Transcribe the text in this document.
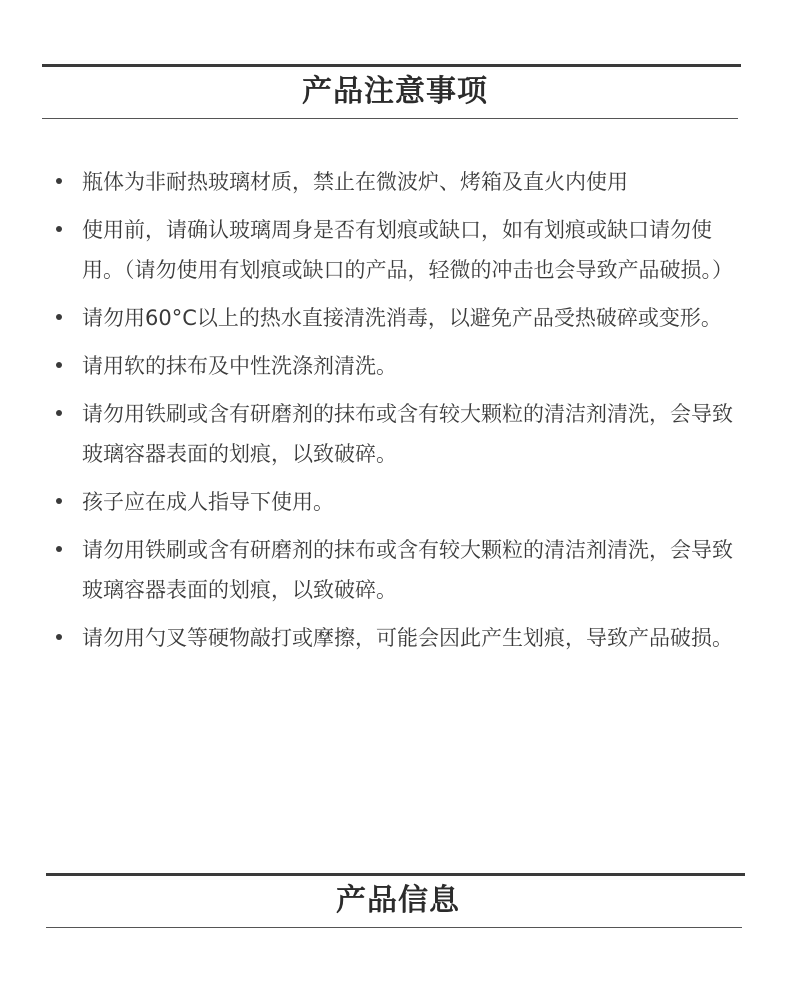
产品注意事项
瓶体为非耐热玻璃材质，禁止在微波炉、烤箱及直火内使用
使用前，请确认玻璃周身是否有划痕或缺口，如有划痕或缺口请勿使用。（请勿使用有划痕或缺口的产品，轻微的冲击也会导致产品破损。）
请勿用60°C以上的热水直接清洗消毒，以避免产品受热破碎或变形。
请用软的抹布及中性洗涤剂清洗。
请勿用铁刷或含有研磨剂的抹布或含有较大颗粒的清洁剂清洗，会导致玻璃容器表面的划痕，以致破碎。
孩子应在成人指导下使用。
请勿用铁刷或含有研磨剂的抹布或含有较大颗粒的清洁剂清洗，会导致玻璃容器表面的划痕，以致破碎。
请勿用勺叉等硬物敲打或摩擦，可能会因此产生划痕，导致产品破损。
产品信息
